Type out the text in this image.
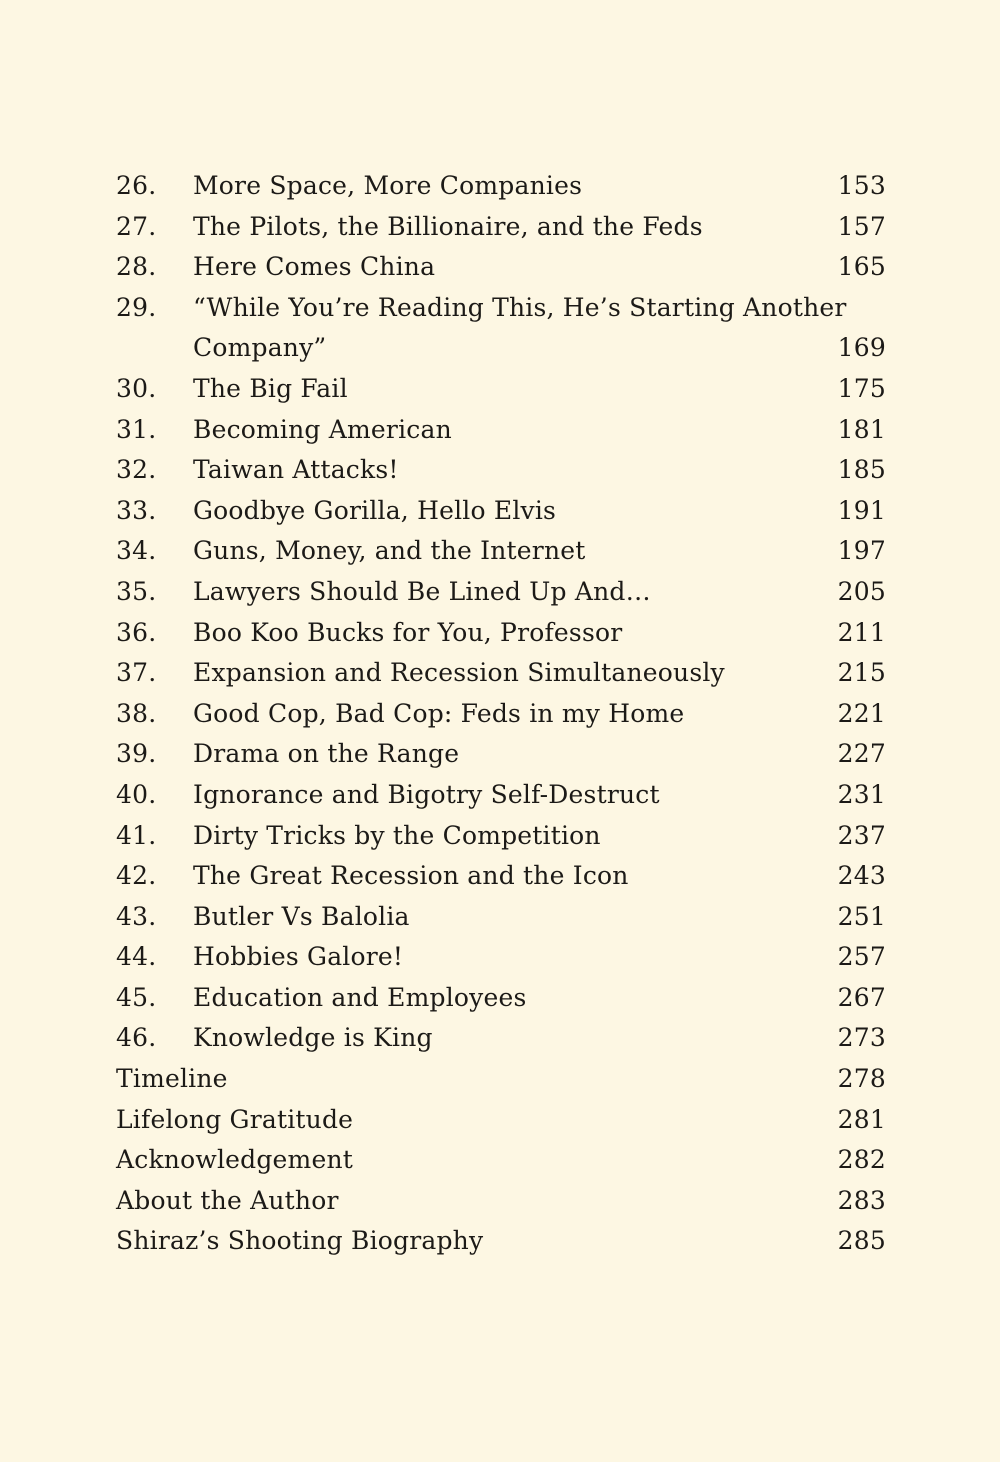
26. More Space, More Companies	153
27. The Pilots, the Billionaire, and the Feds	157
28. Here Comes China	165
29. “While You’re Reading This, He’s Starting Another Company”	169
30. The Big Fail	175
31. Becoming American	181
32. Taiwan Attacks!	185
33. Goodbye Gorilla, Hello Elvis	191
34. Guns, Money, and the Internet	197
35. Lawyers Should Be Lined Up And…	205
36. Boo Koo Bucks for You, Professor	211
37. Expansion and Recession Simultaneously	215
38. Good Cop, Bad Cop: Feds in my Home	221
39. Drama on the Range	227
40. Ignorance and Bigotry Self-Destruct	231
41. Dirty Tricks by the Competition	237
42. The Great Recession and the Icon	243
43. Butler Vs Balolia	251
44. Hobbies Galore!	257
45. Education and Employees	267
46. Knowledge is King	273
Timeline	278
Lifelong Gratitude	281
Acknowledgement	282
About the Author	283
Shiraz’s Shooting Biography	285
